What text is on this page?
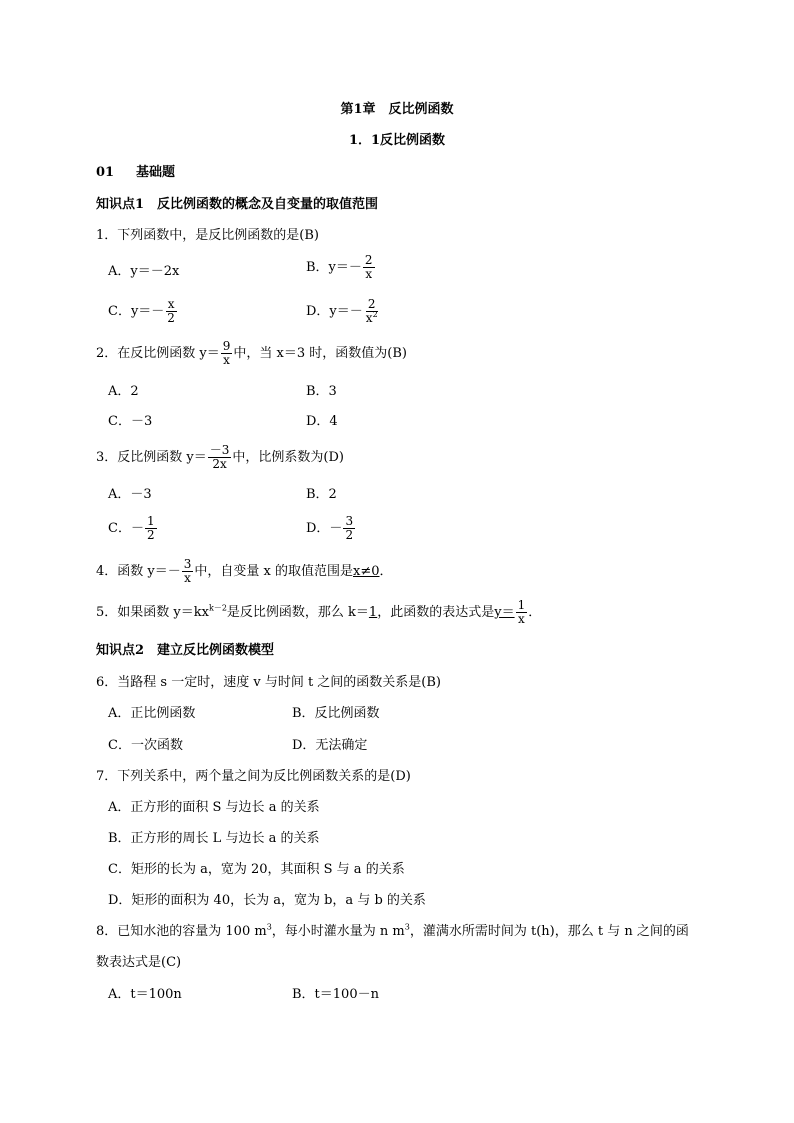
第1章　反比例函数
1．1反比例函数
01 基础题
知识点1　反比例函数的概念及自变量的取值范围
1．下列函数中，是反比例函数的是(B)
A．y＝－2x	B．$y=- \frac{2}{x}$
C．$y=- \frac{x}{2}$	D．$y=- \frac{2}{x^2}$
2．在反比例函数 $y= \frac{9}{x}$ 中，当 x＝3 时，函数值为(B)
A．2	B．3
C．－3	D．4
3．反比例函数 $y= \frac{-3}{2x}$ 中，比例系数为(D)
A．－3	B．2
C．－ $\frac{1}{2}$	D．－ $\frac{3}{2}$
4．函数 $y=- \frac{3}{x}$ 中，自变量 x 的取值范围是x≠0．
5．如果函数 $y=kx^{k-2}$是反比例函数，那么 k＝1，此函数的表达式是$y= \frac{1}{x}$ ．
知识点2　建立反比例函数模型
6．当路程 s 一定时，速度 v 与时间 t 之间的函数关系是(B)
A．正比例函数	B．反比例函数
C．一次函数	D．无法确定
7．下列关系中，两个量之间为反比例函数关系的是(D)
A．正方形的面积 S 与边长 a 的关系
B．正方形的周长 L 与边长 a 的关系
C．矩形的长为 a，宽为 20，其面积 S 与 a 的关系
D．矩形的面积为 40，长为 a，宽为 b，a 与 b 的关系
8．已知水池的容量为 100 $m^3$，每小时灌水量为 n $m^3$，灌满水所需时间为 t(h)，那么 t 与 n 之间的函
数表达式是(C)
A．t＝100n	B．t＝100－n
